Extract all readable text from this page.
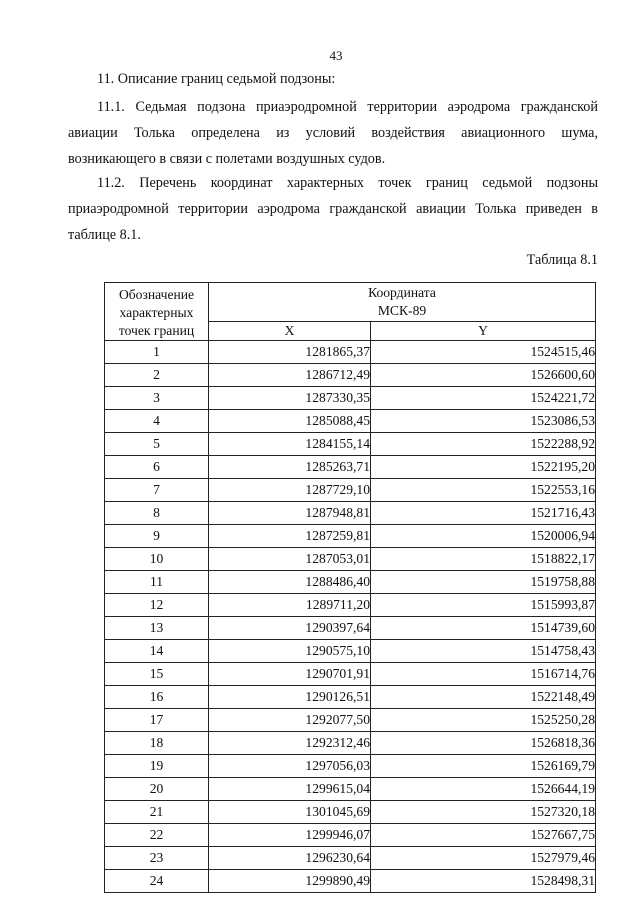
43

11. Описание границ седьмой подзоны:

11.1. Седьмая подзона приаэродромной территории аэродрома гражданской авиации Толька определена из условий воздействия авиационного шума, возникающего в связи с полетами воздушных судов.

11.2. Перечень координат характерных точек границ седьмой подзоны приаэродромной территории аэродрома гражданской авиации Толька приведен в таблице 8.1.

Таблица 8.1
Обозначение характерных точек границ	Координата
МСК-89	
	X	Y
1	1281865,37	1524515,46
2	1286712,49	1526600,60
3	1287330,35	1524221,72
4	1285088,45	1523086,53
5	1284155,14	1522288,92
6	1285263,71	1522195,20
7	1287729,10	1522553,16
8	1287948,81	1521716,43
9	1287259,81	1520006,94
10	1287053,01	1518822,17
11	1288486,40	1519758,88
12	1289711,20	1515993,87
13	1290397,64	1514739,60
14	1290575,10	1514758,43
15	1290701,91	1516714,76
16	1290126,51	1522148,49
17	1292077,50	1525250,28
18	1292312,46	1526818,36
19	1297056,03	1526169,79
20	1299615,04	1526644,19
21	1301045,69	1527320,18
22	1299946,07	1527667,75
23	1296230,64	1527979,46
24	1299890,49	1528498,31
